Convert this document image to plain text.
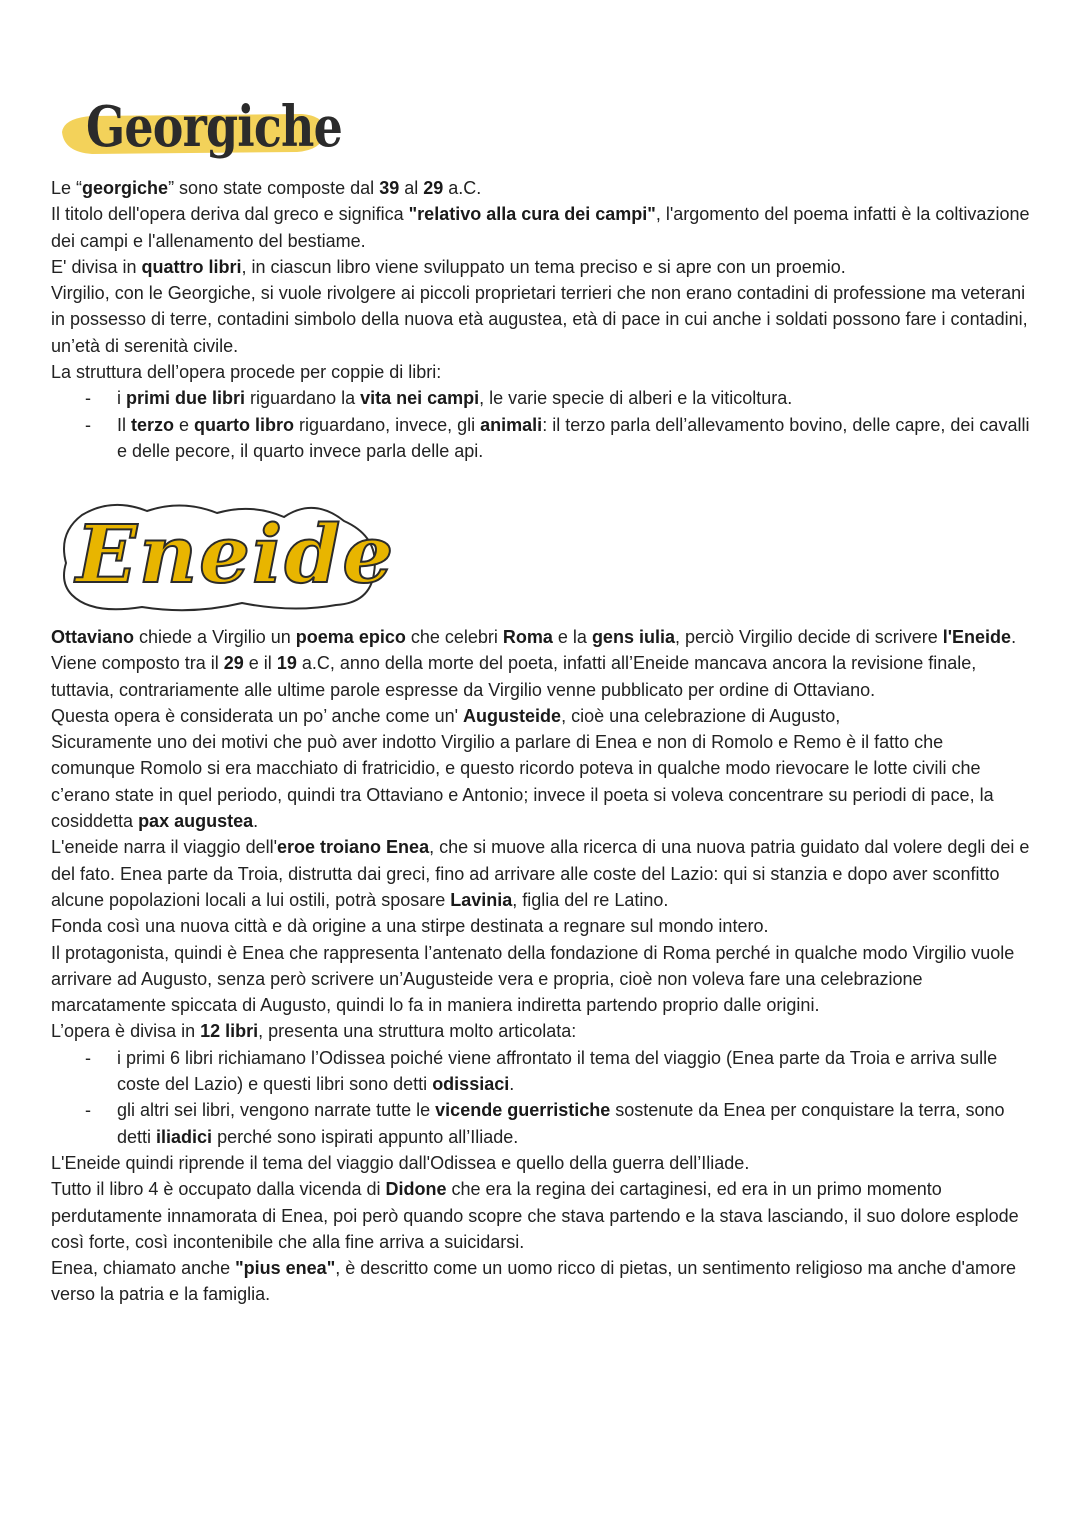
Georgiche

Le “georgiche” sono state composte dal 39 al 29 a.C.

Il titolo dell'opera deriva dal greco e significa "relativo alla cura dei campi", l'argomento del poema infatti è la coltivazione dei campi e l'allenamento del bestiame.

E' divisa in quattro libri, in ciascun libro viene sviluppato un tema preciso e si apre con un proemio.

Virgilio, con le Georgiche, si vuole rivolgere ai piccoli proprietari terrieri che non erano contadini di professione ma veterani in possesso di terre, contadini simbolo della nuova età augustea, età di pace in cui anche i soldati possono fare i contadini, un’età di serenità civile.

La struttura dell’opera procede per coppie di libri:

- i primi due libri riguardano la vita nei campi, le varie specie di alberi e la viticoltura.
- Il terzo e quarto libro riguardano, invece, gli animali: il terzo parla dell’allevamento bovino, delle capre, dei cavalli e delle pecore, il quarto invece parla delle api.
Eneide

Ottaviano chiede a Virgilio un poema epico che celebri Roma e la gens iulia, perciò Virgilio decide di scrivere l'Eneide.

Viene composto tra il 29 e il 19 a.C, anno della morte del poeta, infatti all’Eneide mancava ancora la revisione finale, tuttavia, contrariamente alle ultime parole espresse da Virgilio venne pubblicato per ordine di Ottaviano.

Questa opera è considerata un po’ anche come un' Augusteide, cioè una celebrazione di Augusto,

Sicuramente uno dei motivi che può aver indotto Virgilio a parlare di Enea e non di Romolo e Remo è il fatto che comunque Romolo si era macchiato di fratricidio, e questo ricordo poteva in qualche modo rievocare le lotte civili che c’erano state in quel periodo, quindi tra Ottaviano e Antonio; invece il poeta si voleva concentrare su periodi di pace, la cosiddetta pax augustea.

L'eneide narra il viaggio dell'eroe troiano Enea, che si muove alla ricerca di una nuova patria guidato dal volere degli dei e del fato. Enea parte da Troia, distrutta dai greci, fino ad arrivare alle coste del Lazio: qui si stanzia e dopo aver sconfitto alcune popolazioni locali a lui ostili, potrà sposare Lavinia, figlia del re Latino.

Fonda così una nuova città e dà origine a una stirpe destinata a regnare sul mondo intero.

Il protagonista, quindi è Enea che rappresenta l’antenato della fondazione di Roma perché in qualche modo Virgilio vuole arrivare ad Augusto, senza però scrivere un’Augusteide vera e propria, cioè non voleva fare una celebrazione marcatamente spiccata di Augusto, quindi lo fa in maniera indiretta partendo proprio dalle origini.

L’opera è divisa in 12 libri, presenta una struttura molto articolata:

- i primi 6 libri richiamano l’Odissea poiché viene affrontato il tema del viaggio (Enea parte da Troia e arriva sulle coste del Lazio) e questi libri sono detti odissiaci.
- gli altri sei libri, vengono narrate tutte le vicende guerristiche sostenute da Enea per conquistare la terra, sono detti iliadici perché sono ispirati appunto all’Iliade.

L'Eneide quindi riprende il tema del viaggio dall'Odissea e quello della guerra dell’Iliade.

Tutto il libro 4 è occupato dalla vicenda di Didone che era la regina dei cartaginesi, ed era in un primo momento perdutamente innamorata di Enea, poi però quando scopre che stava partendo e la stava lasciando, il suo dolore esplode così forte, così incontenibile che alla fine arriva a suicidarsi.

Enea, chiamato anche "pius enea", è descritto come un uomo ricco di pietas, un sentimento religioso ma anche d'amore verso la patria e la famiglia.
